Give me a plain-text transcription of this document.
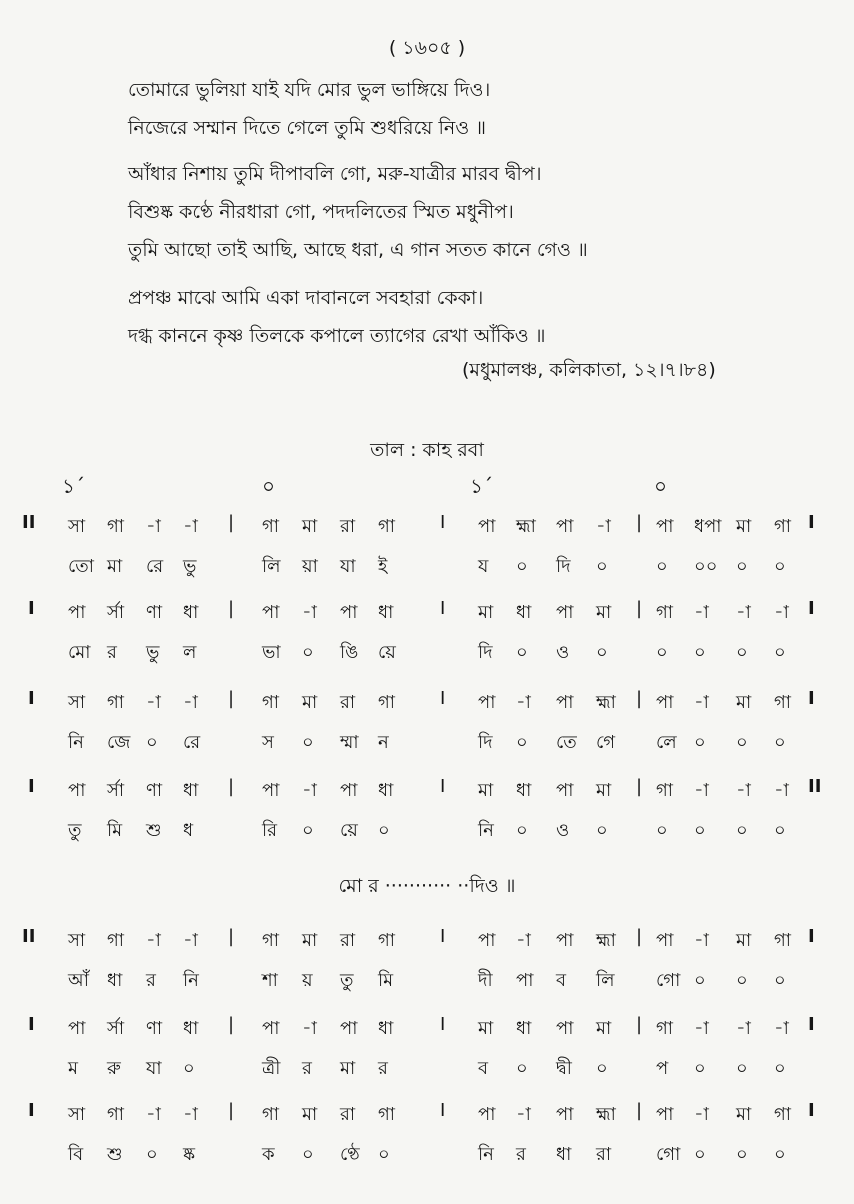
( ১৬০৫ )
তোমারে ভুলিয়া যাই যদি মোর ভুল ভাঙ্গিয়ে দিও।
নিজেরে সম্মান দিতে গেলে তুমি শুধরিয়ে নিও ॥
আঁধার নিশায় তুমি দীপাবলি গো, মরু-যাত্রীর মারব দ্বীপ।
বিশুষ্ক কণ্ঠে নীরধারা গো, পদদলিতের স্মিত মধুনীপ।
তুমি আছো তাই আছি, আছে ধরা, এ গান সতত কানে গেও ॥
প্রপঞ্চ মাঝে আমি একা দাবানলে সবহারা কেকা।
দগ্ধ কাননে কৃষ্ণ তিলকে কপালে ত্যাগের রেখা আঁকিও ॥
(মধুমালঞ্চ, কলিকাতা, ১২।৭।৮৪)
তাল : কাহ রবা
১´	০	১´	০
II সা গা -া -া | গা মা রা গা I পা হ্মা পা -া | পা ধপা মা গা I
তো মা রে ভু	লি য়া যা ই	য ০ দি ০	০ ০০ ০ ০
I পা র্সা ণা ধা | পা -া পা ধা	I মা ধা পা মা | গা -া -া -া I
মো র ভু ল	ভা ০ ঙি য়ে	দি ০ ও ০	০ ০ ০ ০
I সা গা -া -া | গা মা রা গা I পা -া পা হ্মা | পা -া মা গা I
নি জে ০ রে	স ০ ম্মা ন	দি ০ তে গে লে ০ ০ ০
I পা র্সা ণা ধা | পা -া পা ধা	I মা ধা পা মা | গা -া -া -া II
তু মি শু ধ	রি ০ য়ে ০	নি ০ ও ০	০ ০ ০ ০
II সা গা -া -া | গা মা রা গা I পা -া পা হ্মা | পা -া মা গা I
আঁ ধা র নি	শা য় তু মি	দী পা ব লি গো ০ ০ ০
I পা র্সা ণা ধা | পা -া পা ধা	I মা ধা পা মা | গা -া -া -া I
ম রু যা ০	ত্রী র মা র	ব ০ দ্বী ০	প ০ ০ ০
I সা গা -া -া | গা মা রা গা I পা -া পা হ্মা | পা -া মা গা I
বি শু ০ ষ্ক	ক ০ ণ্ঠে ০	নি র ধা রা গো ০ ০ ০
মো র ··········· ··দিও ॥
